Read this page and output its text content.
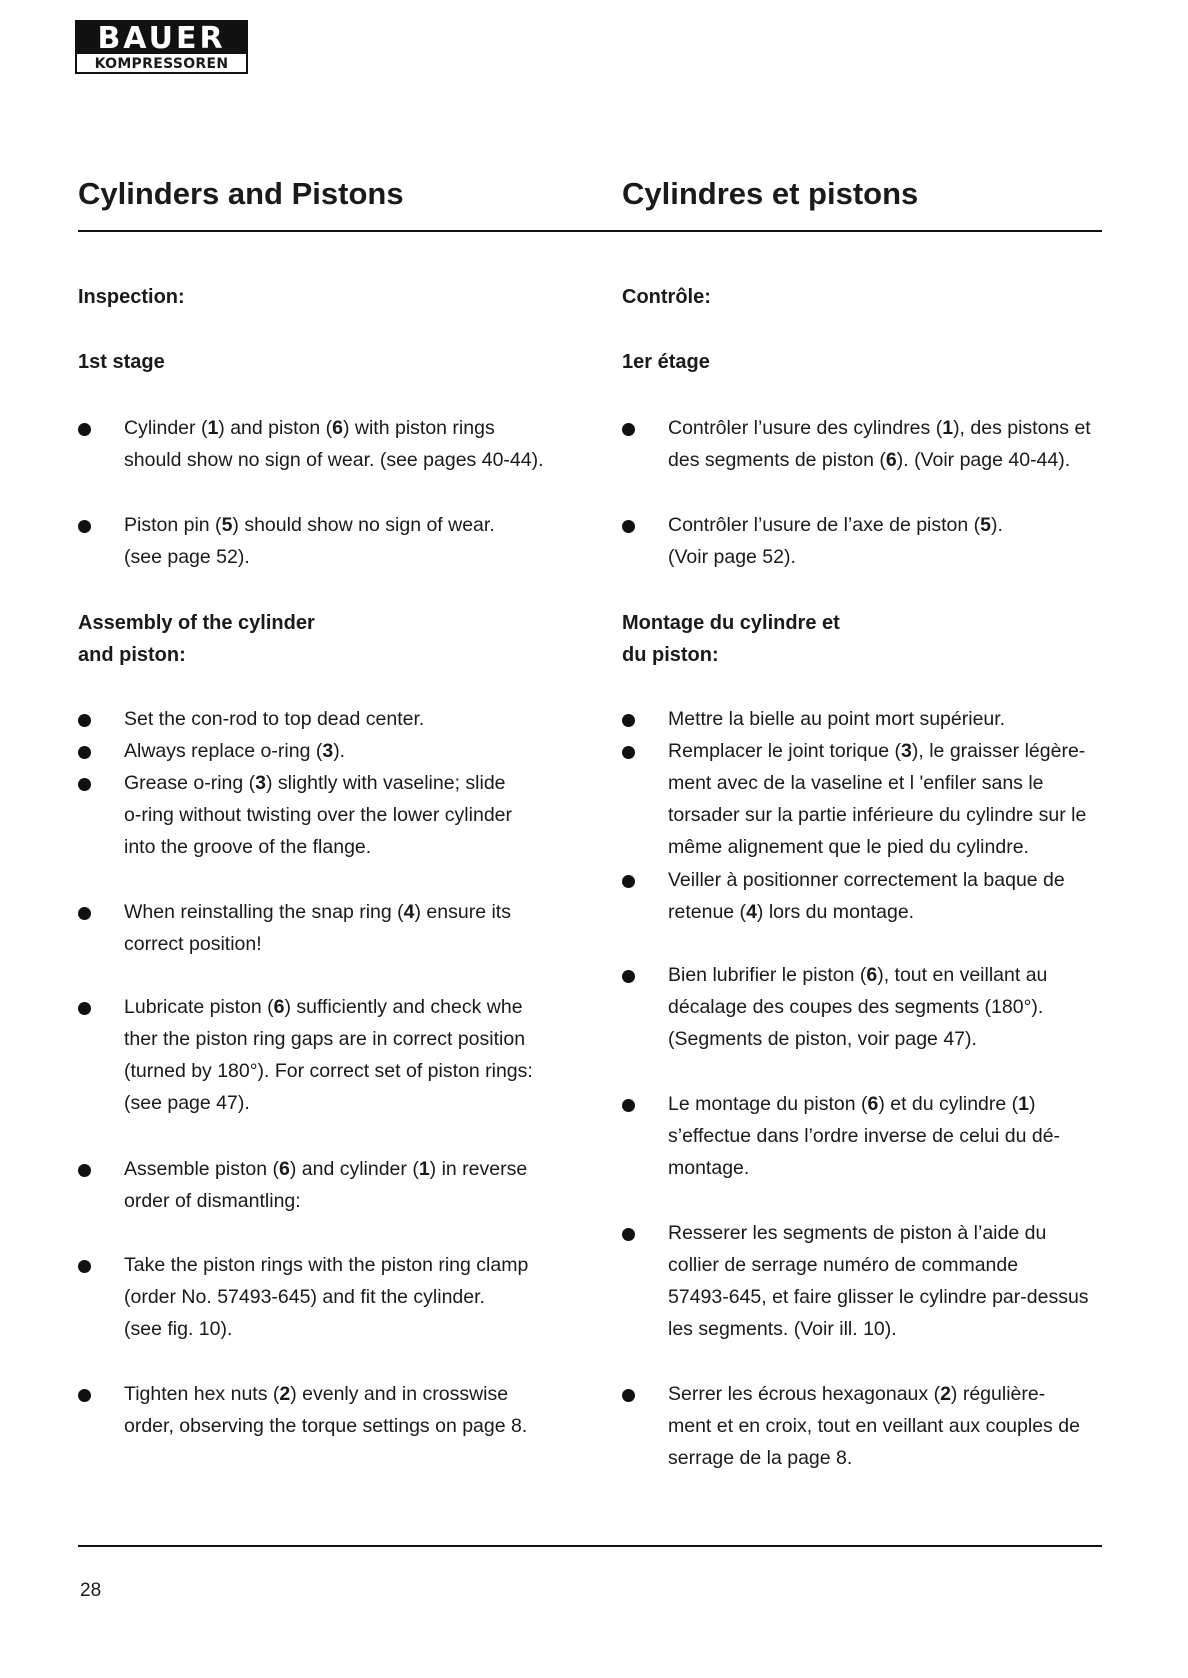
BAUER
KOMPRESSOREN
Cylinders and Pistons	Cylindres et pistons
Inspection:	Contrôle:
1st stage	1er étage
Cylinder (1) and piston (6) with piston rings
should show no sign of wear. (see pages 40-44).
Piston pin (5) should show no sign of wear.
(see page 52).
Contrôler l’usure des cylindres (1), des pistons et
des segments de piston (6). (Voir page 40-44).
Contrôler l’usure de l’axe de piston (5).
(Voir page 52).
Assembly of the cylinder
and piston:
Montage du cylindre et
du piston:
Set the con-rod to top dead center.
Always replace o-ring (3).
Grease o-ring (3) slightly with vaseline; slide
o-ring without twisting over the lower cylinder
into the groove of the flange.
When reinstalling the snap ring (4) ensure its
correct position!
Lubricate piston (6) sufficiently and check whe
ther the piston ring gaps are in correct position
(turned by 180°). For correct set of piston rings:
(see page 47).
Assemble piston (6) and cylinder (1) in reverse
order of dismantling:
Take the piston rings with the piston ring clamp
(order No. 57493-645) and fit the cylinder.
(see fig. 10).
Tighten hex nuts (2) evenly and in crosswise
order, observing the torque settings on page 8.
Mettre la bielle au point mort supérieur.
Remplacer le joint torique (3), le graisser légère-
ment avec de la vaseline et l 'enfiler sans le
torsader sur la partie inférieure du cylindre sur le
même alignement que le pied du cylindre.
Veiller à positionner correctement la baque de
retenue (4) lors du montage.
Bien lubrifier le piston (6), tout en veillant au
décalage des coupes des segments (180°).
(Segments de piston, voir page 47).
Le montage du piston (6) et du cylindre (1)
s’effectue dans l’ordre inverse de celui du dé-
montage.
Resserer les segments de piston à l’aide du
collier de serrage numéro de commande
57493-645, et faire glisser le cylindre par-dessus
les segments. (Voir ill. 10).
Serrer les écrous hexagonaux (2) régulière-
ment et en croix, tout en veillant aux couples de
serrage de la page 8.
28
